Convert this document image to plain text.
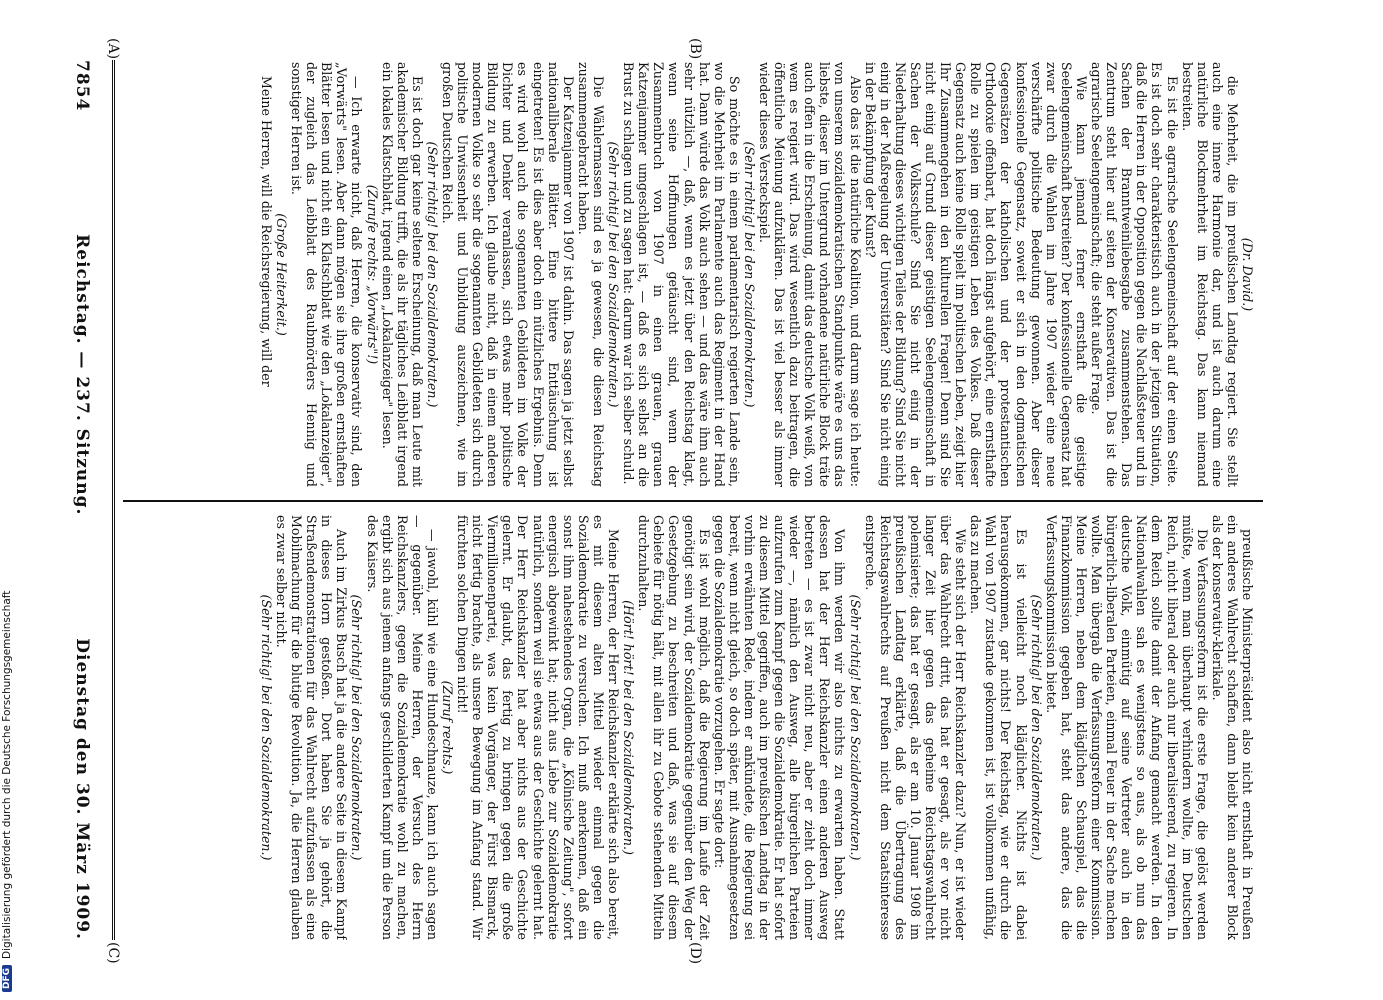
7854
Reichstag. — 237. Sitzung.
Dienstag den 30. März 1909.
(A)	(B)
(C)	(D)

(Dr. David.)

die Mehrheit, die im preußischen Landtag regiert. Sie stellt auch eine innere Harmonie dar, und ist auch darum eine natürliche Blockmehrheit im Reichstag. Das kann niemand bestreiten.

Es ist die agrarische Seelengemeinschaft auf der einen Seite. Es ist doch sehr charakteristisch auch in der jetzigen Situation, daß die Herren in der Opposition gegen die Nachlaßsteuer und in Sachen der Branntweinliebesgabe zusammenstehen. Das Zentrum steht hier auf seiten der Konservativen. Das ist die agrarische Seelengemeinschaft; die steht außer Frage.

Wie kann jemand ferner ernsthaft die geistige Seelengemeinschaft bestreiten? Der konfessionelle Gegensatz hat zwar durch die Wahlen im Jahre 1907 wieder eine neue verschärfte politische Bedeutung gewonnen. Aber dieser konfessionelle Gegensatz, soweit er sich in den dogmatischen Gegensätzen der katholischen und der protestantischen Orthodoxie offenbart, hat doch längst aufgehört, eine ernsthafte Rolle zu spielen im geistigen Leben des Volkes. Daß dieser Gegensatz auch keine Rolle spielt im politischen Leben, zeigt hier Ihr Zusammengehen in den kulturellen Fragen! Denn sind Sie nicht einig auf Grund dieser geistigen Seelengemeinschaft in Sachen der Volksschule? Sind Sie nicht einig in der Niederhaltung dieses wichtigen Teiles der Bildung? Sind Sie nicht einig in der Maßregelung der Universitäten? Sind Sie nicht einig in der Bekämpfung der Kunst?

Also das ist die natürliche Koalition, und darum sage ich heute: von unserem sozialdemokratischen Standpunkte wäre es uns das liebste, dieser im Untergrund vorhandene natürliche Block träte auch offen in die Erscheinung, damit das deutsche Volk weiß, von wem es regiert wird. Das wird wesentlich dazu beitragen, die öffentliche Meinung aufzuklären. Das ist viel besser als immer wieder dieses Versteckspiel.

(Sehr richtig! bei den Sozialdemokraten.)

So möchte es in einem parlamentarisch regierten Lande sein, wo die Mehrheit im Parlamente auch das Regiment in der Hand hat. Dann würde das Volk auch sehen — und das wäre ihm auch sehr nützlich —, daß, wenn es jetzt über den Reichstag klagt, wenn seine Hoffnungen getäuscht sind, wenn der Zusammenbruch von 1907 in einen grauen, grauen Katzenjammer umgeschlagen ist, — daß es sich selbst an die Brust zu schlagen und zu sagen hat: darum war ich selber schuld.

(Sehr richtig! bei den Sozialdemokraten.)

Die Wählermassen sind es ja gewesen, die diesen Reichstag zusammengebracht haben.

Der Katzenjammer von 1907 ist dahin. Das sagen ja jetzt selbst nationalliberale Blätter. Eine bittere Enttäuschung ist eingetreten! Es ist dies aber doch ein nützliches Ergebnis. Denn es wird wohl auch die sogenannten Gebildeten im Volke der Dichter und Denker veranlassen, sich etwas mehr politische Bildung zu erwerben. Ich glaube nicht, daß in einem anderen modernen Volke so sehr die sogenannten Gebildeten sich durch politische Unwissenheit und Unbildung auszeichnen, wie im großen Deutschen Reich.

(Sehr richtig! bei den Sozialdemokraten.)

Es ist doch gar keine seltene Erscheinung, daß man Leute mit akademischer Bildung trifft, die als ihr tägliches Leibblatt irgend ein lokales Klatschblatt, irgend einen „Lokalanzeiger" lesen.

(Zurufe rechts: „Vorwärts"!)

— Ich erwarte nicht, daß Herren, die konservativ sind, den „Vorwärts" lesen. Aber dann mögen sie ihre großen ernsthaften Blätter lesen und nicht ein Klatschblatt wie den „Lokalanzeiger", der zugleich das Leibblatt des Raubmörders Hennig und sonstiger Herren ist.

(Große Heiterkeit.)

Meine Herren, will die Reichsregierung, will der

preußische Ministerpräsident also nicht ernsthaft in Preußen ein anderes Wahlrecht schaffen, dann bleibt kein anderer Block als der konservativ-klerikale.

Die Verfassungsreform ist die erste Frage, die gelöst werden müßte, wenn man überhaupt verhindern wollte, im Deutschen Reich, nicht liberal oder auch nur liberalisierend, zu regieren. In dem Reich sollte damit der Anfang gemacht werden. In den Nationalwahlen sah es wenigstens so aus, als ob nun das deutsche Volk, einmütig auf seine Vertreter auch in den bürgerlich-liberalen Parteien, einmal Feuer in der Sache machen wollte. Man übergab die Verfassungsreform einer Kommission. Meine Herren, neben dem kläglichen Schauspiel, das die Finanzkommission gegeben hat, steht das andere, das die Verfassungskommission bietet.

(Sehr richtig! bei den Sozialdemokraten.)

Es ist vielleicht noch kläglicher. Nichts ist dabei herausgekommen, gar nichts! Der Reichstag, wie er durch die Wahl von 1907 zustande gekommen ist, ist vollkommen unfähig, das zu machen.

Wie steht sich der Herr Reichskanzler dazu? Nun, er ist wieder über das Wahlrecht dritt, das hat er gesagt, als er vor nicht langer Zeit hier gegen das geheime Reichstagswahlrecht polemisierte; das hat er gesagt, als er am 10. Januar 1908 im preußischen Landtag erklärte, daß die Übertragung des Reichstagswahlrechts auf Preußen nicht dem Staatsinteresse entspreche.

(Sehr richtig! bei den Sozialdemokraten.)

Von ihm werden wir also nichts zu erwarten haben. Statt dessen hat der Herr Reichskanzler einen anderen Ausweg betreten — es ist zwar nicht neu, aber er zieht doch immer wieder —, nämlich den Ausweg, alle bürgerlichen Parteien aufzurufen zum Kampf gegen die Sozialdemokratie. Er hat sofort zu diesem Mittel gegriffen, auch im preußischen Landtag in der vorhin erwähnten Rede, indem er ankündete, die Regierung sei bereit, wenn nicht gleich, so doch später, mit Ausnahmegesetzen gegen die Sozialdemokratie vorzugehen. Er sagte dort:

Es ist wohl möglich, daß die Regierung im Laufe der Zeit genötigt sein wird, der Sozialdemokratie gegenüber den Weg der Gesetzgebung zu beschreiten und daß, was sie auf diesem Gebiete für nötig hält, mit allen ihr zu Gebote stehenden Mitteln durchzuhalten.

(Hört! hört! bei den Sozialdemokraten.)

Meine Herren, der Herr Reichskanzler erklärte sich also bereit, es mit diesem alten Mittel wieder einmal gegen die Sozialdemokratie zu versuchen. Ich muß anerkennen, daß ein sonst ihm nahestehendes Organ, die „Kölnische Zeitung", sofort energisch abgewinkt hat; nicht aus Liebe zur Sozialdemokratie natürlich, sondern weil sie etwas aus der Geschichte gelernt hat. Der Herr Reichskanzler hat aber nichts aus der Geschichte gelernt. Er glaubt, das fertig zu bringen gegen die große Viermillionenpartei, was kein Vorgänger, der Fürst Bismarck, nicht fertig brachte, als unsere Bewegung im Anfang stand. Wir fürchten solchen Dingen nicht!

(Zuruf rechts.)

— jawohl, kühl wie eine Hundeschnauze, kann ich auch sagen — gegenüber. Meine Herren, der Versuch des Herrn Reichskanzlers, gegen die Sozialdemokratie wohl zu machen, ergibt sich aus jenem anfangs geschilderten Kampf um die Person des Kaisers.

(Sehr richtig! bei den Sozialdemokraten.)

Auch im Zirkus Busch hat ja die andere Seite in diesem Kampf in dieses Horn gestoßen. Dort haben Sie ja gehört, die Straßendemonstrationen für das Wahlrecht aufzufassen als eine Mobilmachung für die blutige Revolution. Ja, die Herren glauben es zwar selber nicht.

(Sehr richtig! bei den Sozialdemokraten.)

DFG
Digitalisierung gefördert durch die Deutsche Forschungsgemeinschaft
